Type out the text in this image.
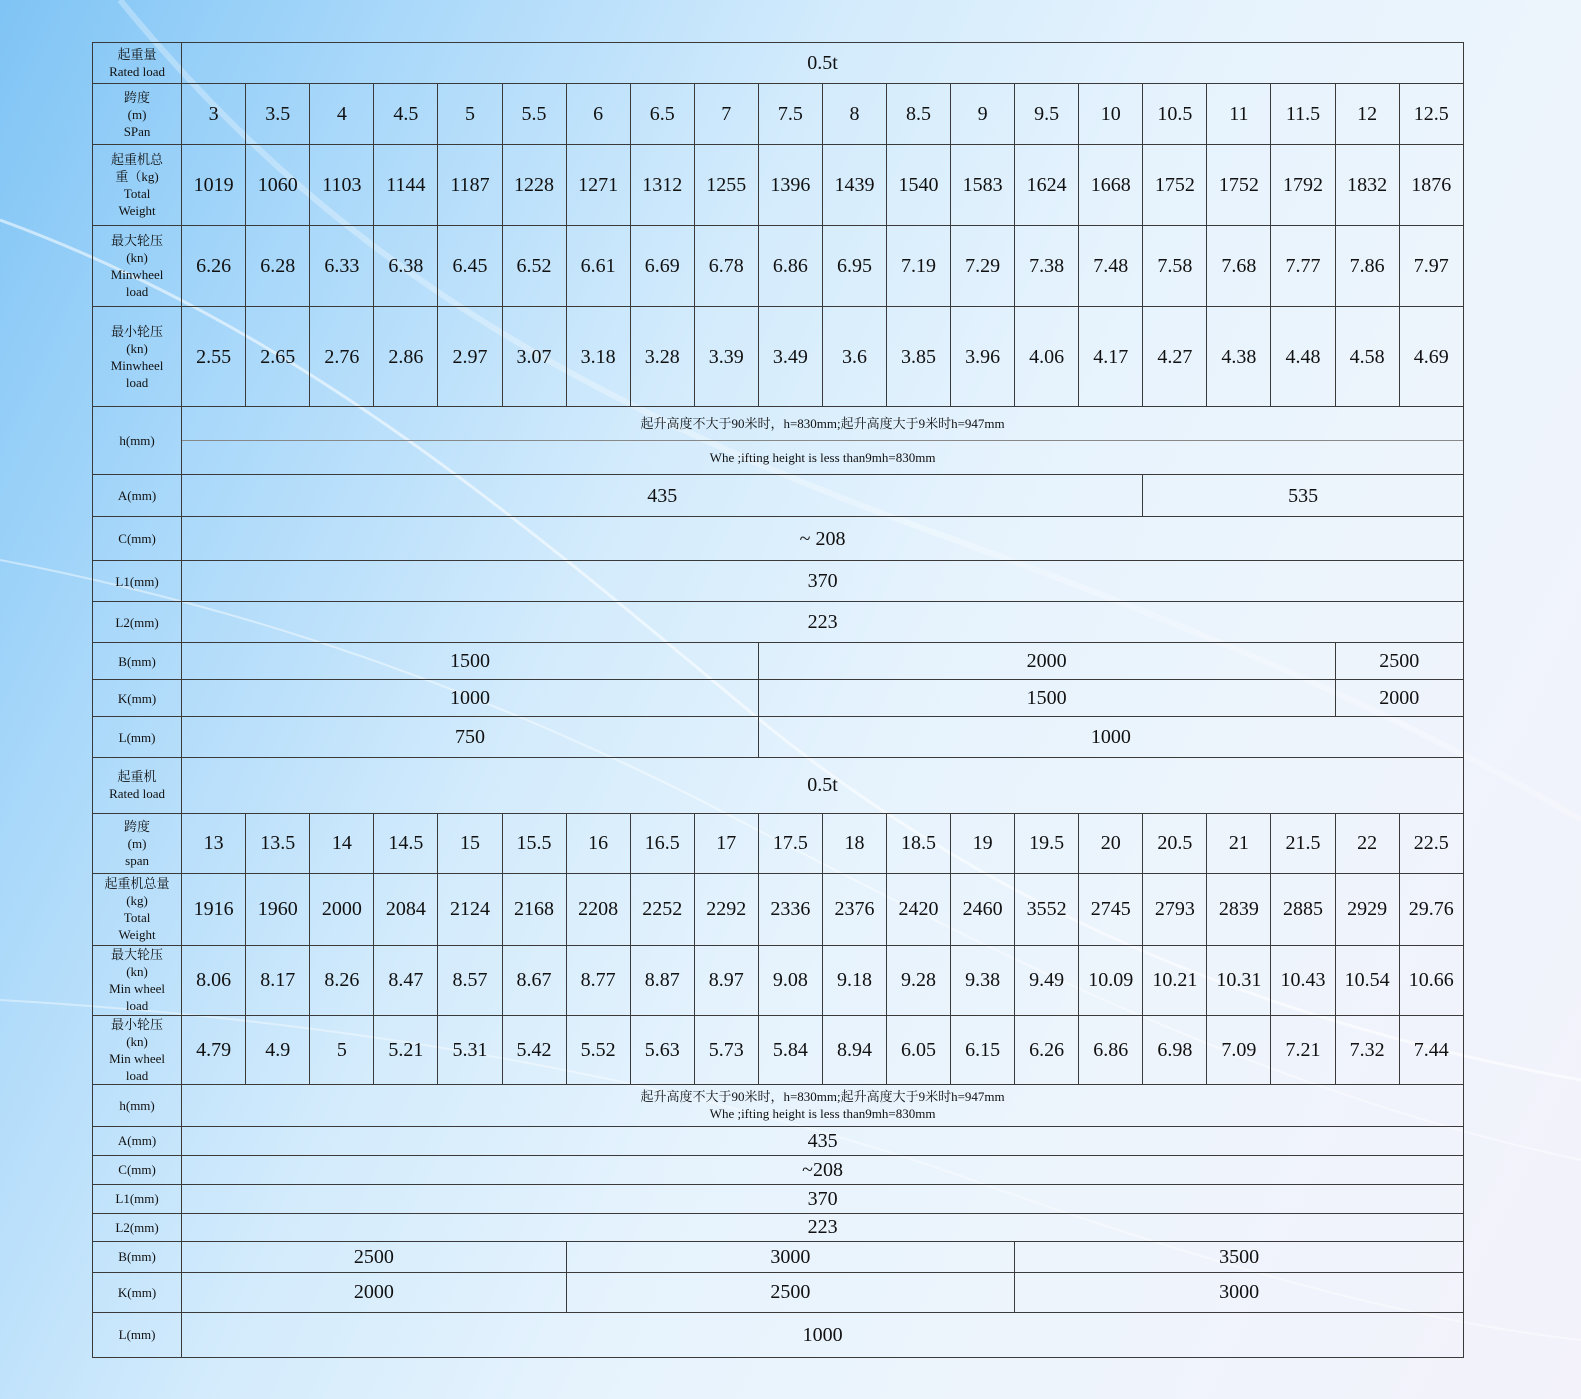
起重量
Rated load	0.5t																			

跨度
(m)
SPan	3	3.5	4	4.5	5	5.5	6	6.5	7	7.5	8	8.5	9	9.5	10	10.5	11	11.5	12	12.5

起重机总
重（kg)
Total
Weight	1019	1060	1103	1144	1187	1228	1271	1312	1255	1396	1439	1540	1583	1624	1668	1752	1752	1792	1832	1876

最大轮压
(kn)
Minwheel
load	6.26	6.28	6.33	6.38	6.45	6.52	6.61	6.69	6.78	6.86	6.95	7.19	7.29	7.38	7.48	7.58	7.68	7.77	7.86	7.97

最小轮压
(kn)
Minwheel
load	2.55	2.65	2.76	2.86	2.97	3.07	3.18	3.28	3.39	3.49	3.6	3.85	3.96	4.06	4.17	4.27	4.38	4.48	4.58	4.69
h(mm)	起升高度不大于90米时，h=830mm;起升高度大于9米时h=947mm
Whe ;ifting height is less than9mh=830mm																			

A(mm)	435															535				
C(mm)	~ 208																			
L1(mm)	370																			
L2(mm)	223																			
B(mm)	1500									2000									2500	
K(mm)	1000									1500									2000	
L(mm)	750									1000										
起重机
Rated load	0.5t																			

跨度
(m)
span	13	13.5	14	14.5	15	15.5	16	16.5	17	17.5	18	18.5	19	19.5	20	20.5	21	21.5	22	22.5

起重机总量
(kg)
Total
Weight	1916	1960	2000	2084	2124	2168	2208	2252	2292	2336	2376	2420	2460	3552	2745	2793	2839	2885	2929	29.76

最大轮压
(kn)
Min wheel
load	8.06	8.17	8.26	8.47	8.57	8.67	8.77	8.87	8.97	9.08	9.18	9.28	9.38	9.49	10.09	10.21	10.31	10.43	10.54	10.66

最小轮压
(kn)
Min wheel
load	4.79	4.9	5	5.21	5.31	5.42	5.52	5.63	5.73	5.84	8.94	6.05	6.15	6.26	6.86	6.98	7.09	7.21	7.32	7.44
h(mm)	起升高度不大于90米时，h=830mm;起升高度大于9米时h=947mm
Whe ;ifting height is less than9mh=830mm																			

A(mm)	435																			
C(mm)	~208																			
L1(mm)	370																			
L2(mm)	223																			
B(mm)	2500						3000							3500						
K(mm)	2000						2500							3000						
L(mm)	1000																			
